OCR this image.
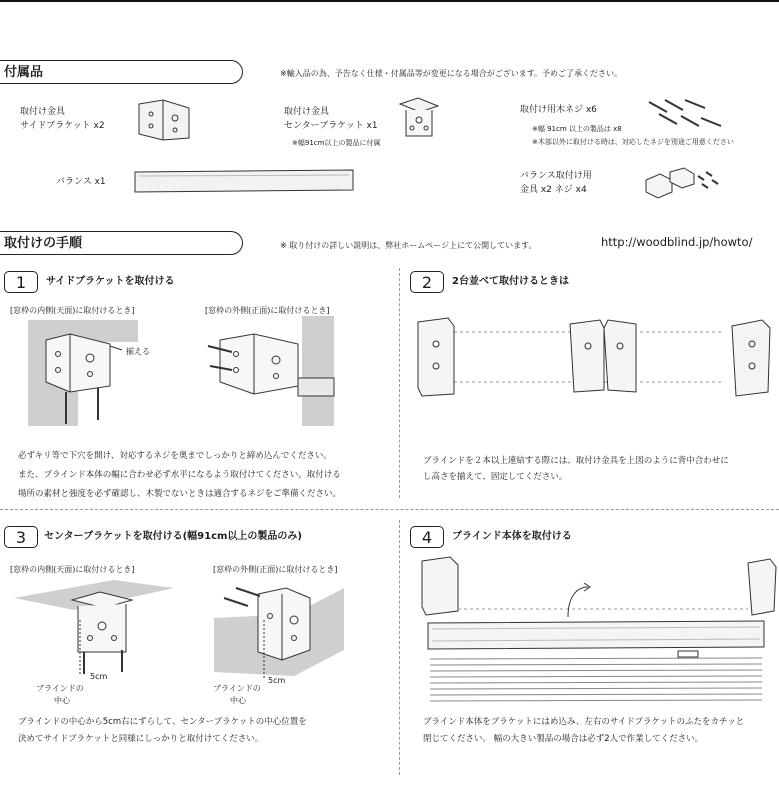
付属品	※輸入品の為、予告なく仕様・付属品等が変更になる場合がございます。予めご了承ください。
取付け金具
サイドブラケット x2
取付け金具
センターブラケット x1
※幅91cm以上の製品に付属
取付け用木ネジ x6
※幅 91cm 以上の製品は x8
※木部以外に取付ける時は、対応したネジを別途ご用意ください
バランス x1
バランス取付け用
金具 x2 ネジ x4
取付けの手順	※ 取り付けの詳しい説明は、弊社ホームページ上にて公開しています。	http://woodblind.jp/howto/
1	サイドブラケットを取付ける
[窓枠の内側(天面)に取付けるとき]	[窓枠の外側(正面)に取付けるとき]
揃える
必ずキリ等で下穴を開け、対応するネジを奥までしっかりと締め込んでください。
また、ブラインド本体の幅に合わせ必ず水平になるよう取付けてください。取付ける
場所の素材と強度を必ず確認し、木製でないときは適合するネジをご準備ください。
2	2台並べて取付けるときは
ブラインドを２本以上連結する際には、取付け金具を上図のように背中合わせに
し高さを揃えて、固定してください。
3	センターブラケットを取付ける(幅91cm以上の製品のみ)
[窓枠の内側(天面)に取付けるとき]	[窓枠の外側(正面)に取付けるとき]
5cm
ブラインドの
中心
5cm
ブラインドの
中心
ブラインドの中心から5cm右にずらして、センターブラケットの中心位置を
決めてサイドブラケットと同様にしっかりと取付けてください。
4	ブラインド本体を取付ける
ブラインド本体をブラケットにはめ込み、左右のサイドブラケットのふたをカチッと
閉じてください。 幅の大きい製品の場合は必ず2人で作業してください。
